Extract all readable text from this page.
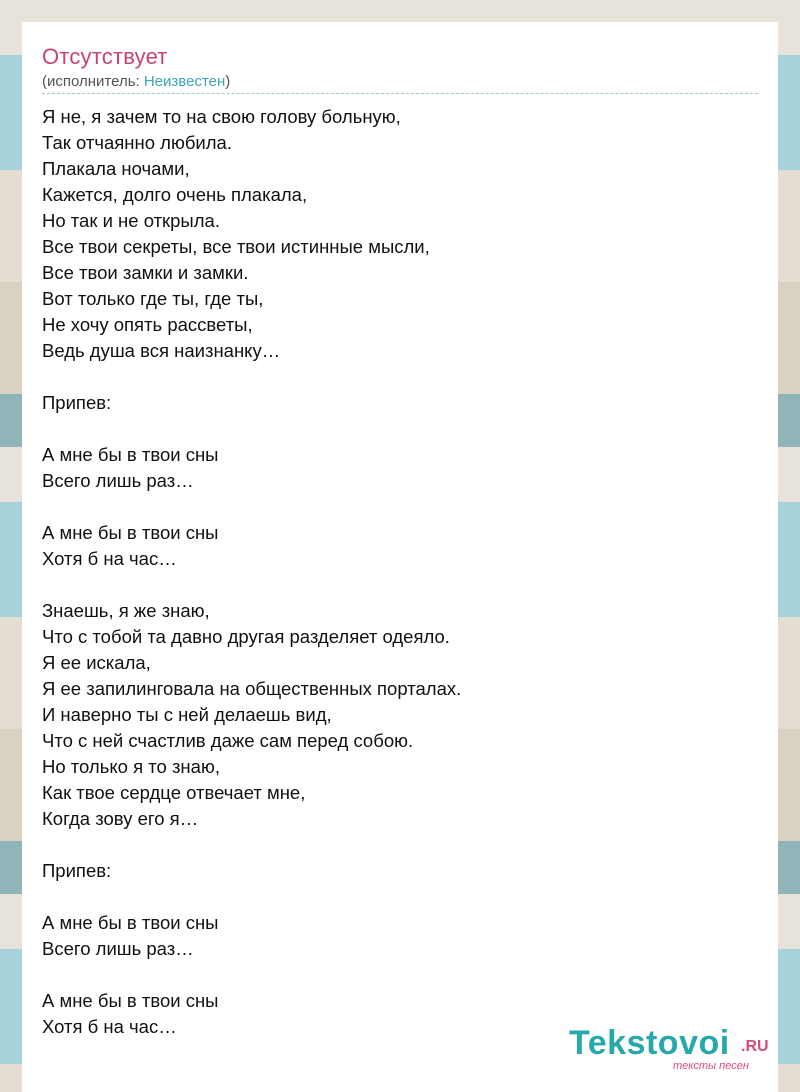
Отсутствует
(исполнитель: Неизвестен)
Я не, я зачем то на свою голову больную,
Так отчаянно любила.
Плакала ночами,
Кажется, долго очень плакала,
Но так и не открыла.
Все твои секреты, все твои истинные мысли,
Все твои замки и замки.
Вот только где ты, где ты,
Не хочу опять рассветы,
Ведь душа вся наизнанку…
Припев:
А мне бы в твои сны
Всего лишь раз…
А мне бы в твои сны
Хотя б на час…
Знаешь, я же знаю,
Что с тобой та давно другая разделяет одеяло.
Я ее искала,
Я ее запилинговала на общественных порталах.
И наверно ты с ней делаешь вид,
Что с ней счастлив даже сам перед собою.
Но только я то знаю,
Как твое сердце отвечает мне,
Когда зову его я…
Припев:
А мне бы в твои сны
Всего лишь раз…
А мне бы в твои сны
Хотя б на час…	Tekstovoi .RU
тексты песен
